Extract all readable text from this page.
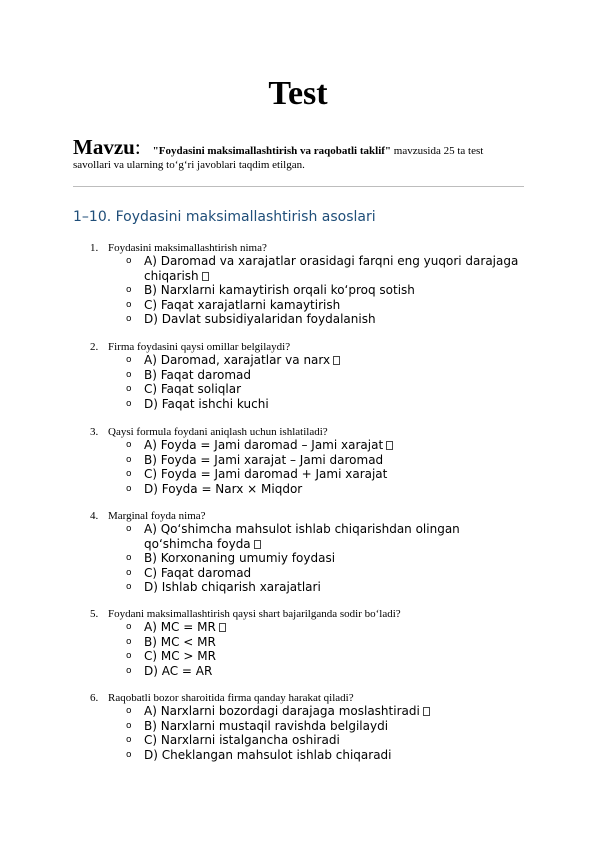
Test
Mavzu: "Foydasini maksimallashtirish va raqobatli taklif" mavzusida 25 ta test
savollari va ularning to‘g‘ri javoblari taqdim etilgan.
1–10. Foydasini maksimallashtirish asoslari
1. Foydasini maksimallashtirish nima?
o A) Daromad va xarajatlar orasidagi farqni eng yuqori darajaga chiqarish
o B) Narxlarni kamaytirish orqali ko‘proq sotish
o C) Faqat xarajatlarni kamaytirish
o D) Davlat subsidiyalaridan foydalanish
2. Firma foydasini qaysi omillar belgilaydi?
o A) Daromad, xarajatlar va narx
o B) Faqat daromad
o C) Faqat soliqlar
o D) Faqat ishchi kuchi
3. Qaysi formula foydani aniqlash uchun ishlatiladi?
o A) Foyda = Jami daromad – Jami xarajat
o B) Foyda = Jami xarajat – Jami daromad
o C) Foyda = Jami daromad + Jami xarajat
o D) Foyda = Narx × Miqdor
4. Marginal foyda nima?
o A) Qo‘shimcha mahsulot ishlab chiqarishdan olingan qo‘shimcha foyda
o B) Korxonaning umumiy foydasi
o C) Faqat daromad
o D) Ishlab chiqarish xarajatlari
5. Foydani maksimallashtirish qaysi shart bajarilganda sodir bo‘ladi?
o A) MC = MR
o B) MC < MR
o C) MC > MR
o D) AC = AR
6. Raqobatli bozor sharoitida firma qanday harakat qiladi?
o A) Narxlarni bozordagi darajaga moslashtiradi
o B) Narxlarni mustaqil ravishda belgilaydi
o C) Narxlarni istalgancha oshiradi
o D) Cheklangan mahsulot ishlab chiqaradi
